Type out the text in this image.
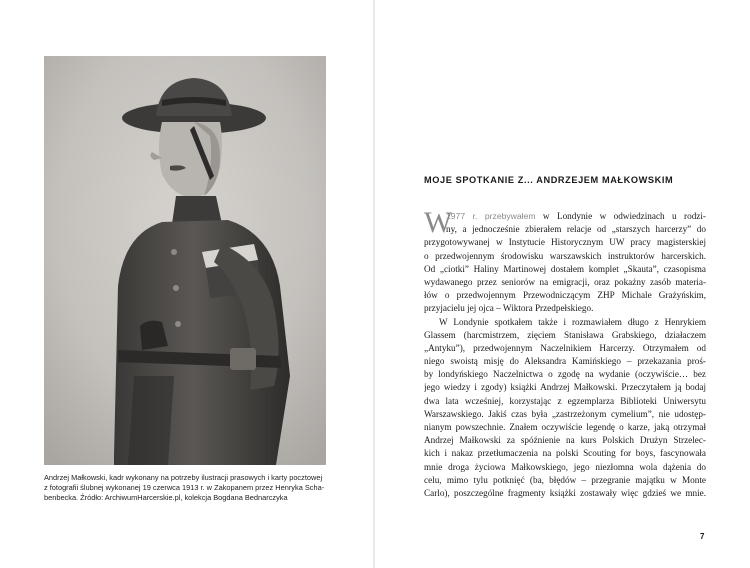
Andrzej Małkowski, kadr wykonany na potrzeby ilustracji prasowych i karty pocztowej
z fotografii ślubnej wykonanej 19 czerwca 1913 r. w Zakopanem przez Henryka Scha-
benbecka. Źródło: ArchiwumHarcerskie.pl, kolekcja Bogdana Bednarczyka

MOJE SPOTKANIE Z... ANDRZEJEM MAŁKOWSKIM
W
1977 r. przebywałem w Londynie w odwiedzinach u rodzi-
ny, a jednocześnie zbierałem relacje od „starszych harcerzy” do
przygotowywanej w Instytucie Historycznym UW pracy magisterskiej
o przedwojennym środowisku warszawskich instruktorów harcerskich.
Od „ciotki” Haliny Martinowej dostałem komplet „Skauta”, czasopisma
wydawanego przez seniorów na emigracji, oraz pokaźny zasób materia-
łów o przedwojennym Przewodniczącym ZHP Michale Grażyńskim,
przyjacielu jej ojca – Wiktora Przedpełskiego.
W Londynie spotkałem także i rozmawiałem długo z Henrykiem
Glassem (harcmistrzem, zięciem Stanisława Grabskiego, działaczem
„Antyku”), przedwojennym Naczelnikiem Harcerzy. Otrzymałem od
niego swoistą misję do Aleksandra Kamińskiego – przekazania proś-
by londyńskiego Naczelnictwa o zgodę na wydanie (oczywiście… bez
jego wiedzy i zgody) książki Andrzej Małkowski. Przeczytałem ją bodaj
dwa lata wcześniej, korzystając z egzemplarza Biblioteki Uniwersytu
Warszawskiego. Jakiś czas była „zastrzeżonym cymelium”, nie udostęp-
nianym powszechnie. Znałem oczywiście legendę o karze, jaką otrzymał
Andrzej Małkowski za spóźnienie na kurs Polskich Drużyn Strzelec-
kich i nakaz przetłumaczenia na polski Scouting for boys, fascynowała
mnie droga życiowa Małkowskiego, jego niezłomna wola dążenia do
celu, mimo tylu potknięć (ba, błędów – przegranie majątku w Monte
Carlo), poszczególne fragmenty książki zostawały więc gdzieś we mnie.

7
